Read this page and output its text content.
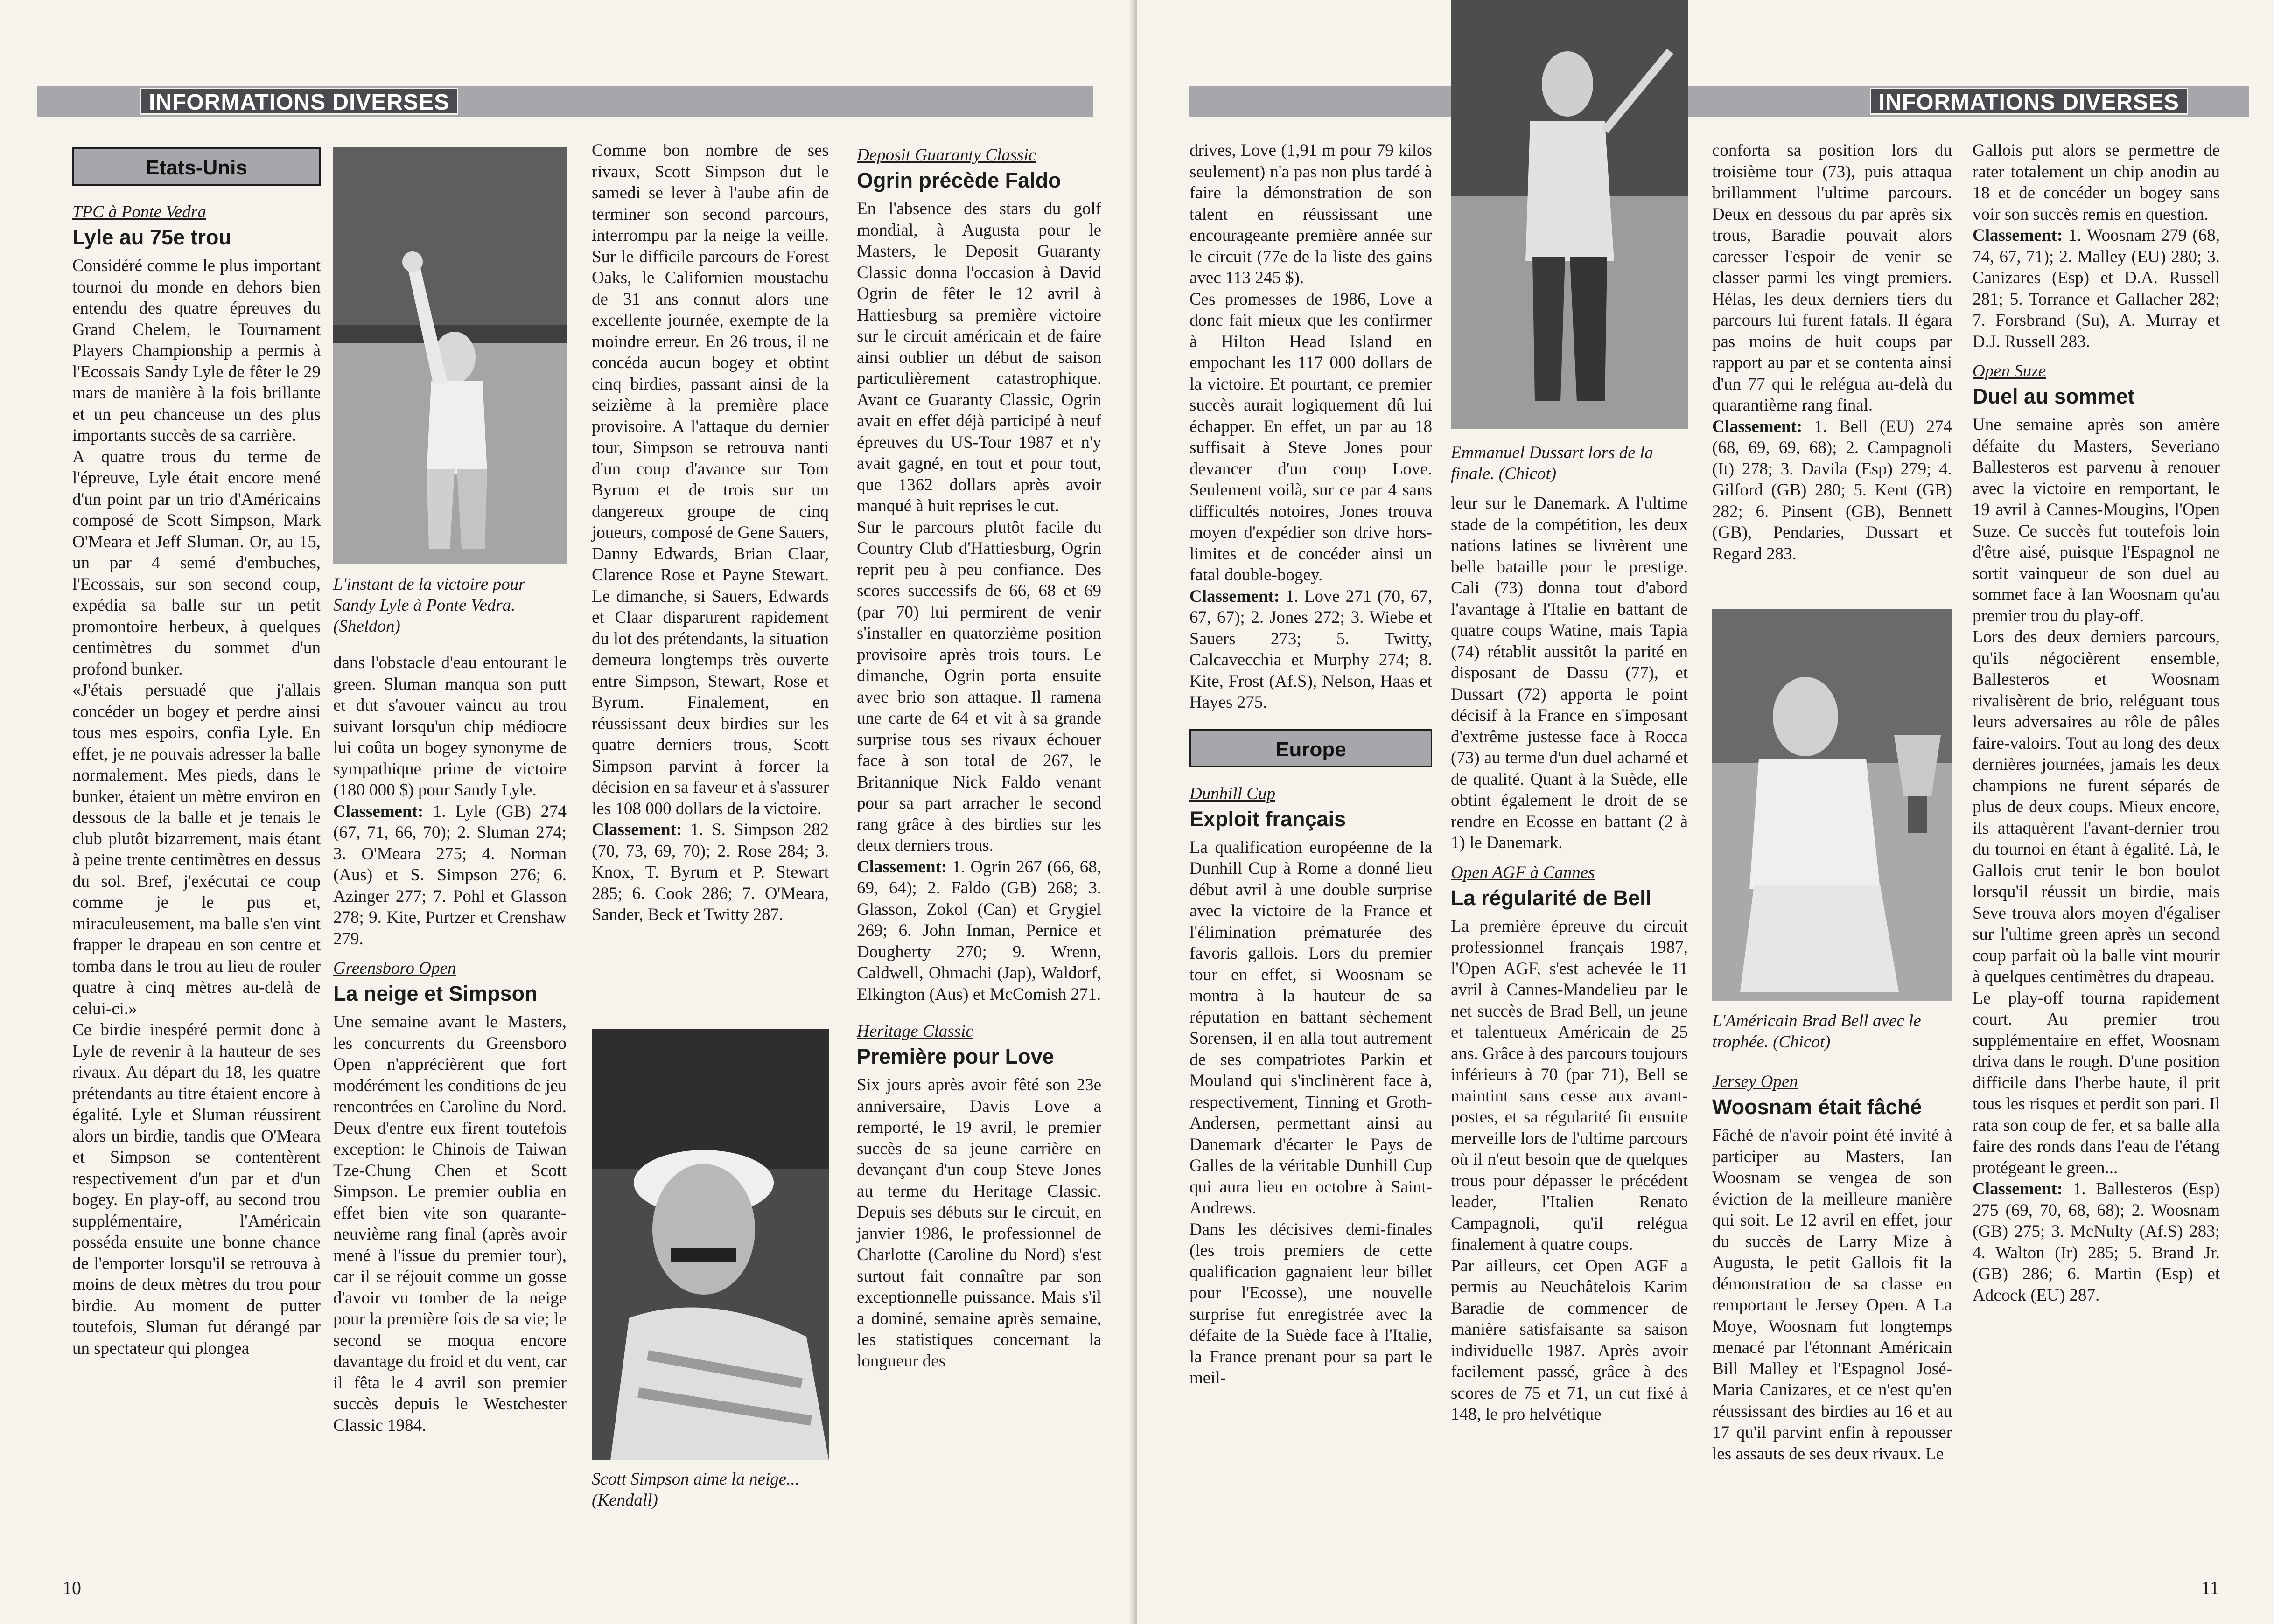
INFORMATIONS DIVERSES
Etats-Unis

TPC à Ponte Vedra

Lyle au 75e trou

Considéré comme le plus important tournoi du monde en dehors bien entendu des quatre épreuves du Grand Chelem, le Tournament Players Championship a permis à l'Ecossais Sandy Lyle de fêter le 29 mars de manière à la fois brillante et un peu chanceuse un des plus importants succès de sa carrière.

A quatre trous du terme de l'épreuve, Lyle était encore mené d'un point par un trio d'Américains composé de Scott Simpson, Mark O'Meara et Jeff Sluman. Or, au 15, un par 4 semé d'embuches, l'Ecossais, sur son second coup, expédia sa balle sur un petit promontoire herbeux, à quelques centimètres du sommet d'un profond bunker.

«J'étais persuadé que j'allais concéder un bogey et perdre ainsi tous mes espoirs, confia Lyle. En effet, je ne pouvais adresser la balle normalement. Mes pieds, dans le bunker, étaient un mètre environ en dessous de la balle et je tenais le club plutôt bizarrement, mais étant à peine trente centimètres en dessus du sol. Bref, j'exécutai ce coup comme je le pus et, miraculeusement, ma balle s'en vint frapper le drapeau en son centre et tomba dans le trou au lieu de rouler quatre à cinq mètres au-delà de celui-ci.»

Ce birdie inespéré permit donc à Lyle de revenir à la hauteur de ses rivaux. Au départ du 18, les quatre prétendants au titre étaient encore à égalité. Lyle et Sluman réussirent alors un birdie, tandis que O'Meara et Simpson se contentèrent respectivement d'un par et d'un bogey. En play-off, au second trou supplémentaire, l'Américain posséda ensuite une bonne chance de l'emporter lorsqu'il se retrouva à moins de deux mètres du trou pour birdie. Au moment de putter toutefois, Sluman fut dérangé par un spectateur qui plongea

L'instant de la victoire pour Sandy Lyle à Ponte Vedra. (Sheldon)

dans l'obstacle d'eau entourant le green. Sluman manqua son putt et dut s'avouer vaincu au trou suivant lorsqu'un chip médiocre lui coûta un bogey synonyme de sympathique prime de victoire (180 000 $) pour Sandy Lyle.

Classement: 1. Lyle (GB) 274 (67, 71, 66, 70); 2. Sluman 274; 3. O'Meara 275; 4. Norman (Aus) et S. Simpson 276; 6. Azinger 277; 7. Pohl et Glasson 278; 9. Kite, Purtzer et Crenshaw 279.

Greensboro Open

La neige et Simpson

Une semaine avant le Masters, les concurrents du Greensboro Open n'apprécièrent que fort modérément les conditions de jeu rencontrées en Caroline du Nord. Deux d'entre eux firent toutefois exception: le Chinois de Taiwan Tze-Chung Chen et Scott Simpson. Le premier oublia en effet bien vite son quarante-neuvième rang final (après avoir mené à l'issue du premier tour), car il se réjouit comme un gosse d'avoir vu tomber de la neige pour la première fois de sa vie; le second se moqua encore davantage du froid et du vent, car il fêta le 4 avril son premier succès depuis le Westchester Classic 1984.

Comme bon nombre de ses rivaux, Scott Simpson dut le samedi se lever à l'aube afin de terminer son second parcours, interrompu par la neige la veille. Sur le difficile parcours de Forest Oaks, le Californien moustachu de 31 ans connut alors une excellente journée, exempte de la moindre erreur. En 26 trous, il ne concéda aucun bogey et obtint cinq birdies, passant ainsi de la seizième à la première place provisoire. A l'attaque du dernier tour, Simpson se retrouva nanti d'un coup d'avance sur Tom Byrum et de trois sur un dangereux groupe de cinq joueurs, composé de Gene Sauers, Danny Edwards, Brian Claar, Clarence Rose et Payne Stewart. Le dimanche, si Sauers, Edwards et Claar disparurent rapidement du lot des prétendants, la situation demeura longtemps très ouverte entre Simpson, Stewart, Rose et Byrum. Finalement, en réussissant deux birdies sur les quatre derniers trous, Scott Simpson parvint à forcer la décision en sa faveur et à s'assurer les 108 000 dollars de la victoire.

Classement: 1. S. Simpson 282 (70, 73, 69, 70); 2. Rose 284; 3. Knox, T. Byrum et P. Stewart 285; 6. Cook 286; 7. O'Meara, Sander, Beck et Twitty 287.

Scott Simpson aime la neige... (Kendall)

Deposit Guaranty Classic

Ogrin précède Faldo

En l'absence des stars du golf mondial, à Augusta pour le Masters, le Deposit Guaranty Classic donna l'occasion à David Ogrin de fêter le 12 avril à Hattiesburg sa première victoire sur le circuit américain et de faire ainsi oublier un début de saison particulièrement catastrophique. Avant ce Guaranty Classic, Ogrin avait en effet déjà participé à neuf épreuves du US-Tour 1987 et n'y avait gagné, en tout et pour tout, que 1362 dollars après avoir manqué à huit reprises le cut.

Sur le parcours plutôt facile du Country Club d'Hattiesburg, Ogrin reprit peu à peu confiance. Des scores successifs de 66, 68 et 69 (par 70) lui permirent de venir s'installer en quatorzième position provisoire après trois tours. Le dimanche, Ogrin porta ensuite avec brio son attaque. Il ramena une carte de 64 et vit à sa grande surprise tous ses rivaux échouer face à son total de 267, le Britannique Nick Faldo venant pour sa part arracher le second rang grâce à des birdies sur les deux derniers trous.

Classement: 1. Ogrin 267 (66, 68, 69, 64); 2. Faldo (GB) 268; 3. Glasson, Zokol (Can) et Grygiel 269; 6. John Inman, Pernice et Dougherty 270; 9. Wrenn, Caldwell, Ohmachi (Jap), Waldorf, Elkington (Aus) et McComish 271.

Heritage Classic

Première pour Love

Six jours après avoir fêté son 23e anniversaire, Davis Love a remporté, le 19 avril, le premier succès de sa jeune carrière en devançant d'un coup Steve Jones au terme du Heritage Classic. Depuis ses débuts sur le circuit, en janvier 1986, le professionnel de Charlotte (Caroline du Nord) s'est surtout fait connaître par son exceptionnelle puissance. Mais s'il a dominé, semaine après semaine, les statistiques concernant la longueur des

10
INFORMATIONS DIVERSES

drives, Love (1,91 m pour 79 kilos seulement) n'a pas non plus tardé à faire la démonstration de son talent en réussissant une encourageante première année sur le circuit (77e de la liste des gains avec 113 245 $).

Ces promesses de 1986, Love a donc fait mieux que les confirmer à Hilton Head Island en empochant les 117 000 dollars de la victoire. Et pourtant, ce premier succès aurait logiquement dû lui échapper. En effet, un par au 18 suffisait à Steve Jones pour devancer d'un coup Love. Seulement voilà, sur ce par 4 sans difficultés notoires, Jones trouva moyen d'expédier son drive hors-limites et de concéder ainsi un fatal double-bogey.

Classement: 1. Love 271 (70, 67, 67, 67); 2. Jones 272; 3. Wiebe et Sauers 273; 5. Twitty, Calcavecchia et Murphy 274; 8. Kite, Frost (Af.S), Nelson, Haas et Hayes 275.

Europe

Dunhill Cup

Exploit français

La qualification européenne de la Dunhill Cup à Rome a donné lieu début avril à une double surprise avec la victoire de la France et l'élimination prématurée des favoris gallois. Lors du premier tour en effet, si Woosnam se montra à la hauteur de sa réputation en battant sèchement Sorensen, il en alla tout autrement de ses compatriotes Parkin et Mouland qui s'inclinèrent face à, respectivement, Tinning et Groth-Andersen, permettant ainsi au Danemark d'écarter le Pays de Galles de la véritable Dunhill Cup qui aura lieu en octobre à Saint-Andrews.

Dans les décisives demi-finales (les trois premiers de cette qualification gagnaient leur billet pour l'Ecosse), une nouvelle surprise fut enregistrée avec la défaite de la Suède face à l'Italie, la France prenant pour sa part le meil-

Emmanuel Dussart lors de la finale. (Chicot)

leur sur le Danemark. A l'ultime stade de la compétition, les deux nations latines se livrèrent une belle bataille pour le prestige. Cali (73) donna tout d'abord l'avantage à l'Italie en battant de quatre coups Watine, mais Tapia (74) rétablit aussitôt la parité en disposant de Dassu (77), et Dussart (72) apporta le point décisif à la France en s'imposant d'extrême justesse face à Rocca (73) au terme d'un duel acharné et de qualité. Quant à la Suède, elle obtint également le droit de se rendre en Ecosse en battant (2 à 1) le Danemark.

Open AGF à Cannes

La régularité de Bell

La première épreuve du circuit professionnel français 1987, l'Open AGF, s'est achevée le 11 avril à Cannes-Mandelieu par le net succès de Brad Bell, un jeune et talentueux Américain de 25 ans. Grâce à des parcours toujours inférieurs à 70 (par 71), Bell se maintint sans cesse aux avant-postes, et sa régularité fit ensuite merveille lors de l'ultime parcours où il n'eut besoin que de quelques trous pour dépasser le précédent leader, l'Italien Renato Campagnoli, qu'il relégua finalement à quatre coups.

Par ailleurs, cet Open AGF a permis au Neuchâtelois Karim Baradie de commencer de manière satisfaisante sa saison individuelle 1987. Après avoir facilement passé, grâce à des scores de 75 et 71, un cut fixé à 148, le pro helvétique

conforta sa position lors du troisième tour (73), puis attaqua brillamment l'ultime parcours. Deux en dessous du par après six trous, Baradie pouvait alors caresser l'espoir de venir se classer parmi les vingt premiers. Hélas, les deux derniers tiers du parcours lui furent fatals. Il égara pas moins de huit coups par rapport au par et se contenta ainsi d'un 77 qui le relégua au-delà du quarantième rang final.

Classement: 1. Bell (EU) 274 (68, 69, 69, 68); 2. Campagnoli (It) 278; 3. Davila (Esp) 279; 4. Gilford (GB) 280; 5. Kent (GB) 282; 6. Pinsent (GB), Bennett (GB), Pendaries, Dussart et Regard 283.

L'Américain Brad Bell avec le trophée. (Chicot)

Jersey Open

Woosnam était fâché

Fâché de n'avoir point été invité à participer au Masters, Ian Woosnam se vengea de son éviction de la meilleure manière qui soit. Le 12 avril en effet, jour du succès de Larry Mize à Augusta, le petit Gallois fit la démonstration de sa classe en remportant le Jersey Open. A La Moye, Woosnam fut longtemps menacé par l'étonnant Américain Bill Malley et l'Espagnol José-Maria Canizares, et ce n'est qu'en réussissant des birdies au 16 et au 17 qu'il parvint enfin à repousser les assauts de ses deux rivaux. Le

Gallois put alors se permettre de rater totalement un chip anodin au 18 et de concéder un bogey sans voir son succès remis en question.

Classement: 1. Woosnam 279 (68, 74, 67, 71); 2. Malley (EU) 280; 3. Canizares (Esp) et D.A. Russell 281; 5. Torrance et Gallacher 282; 7. Forsbrand (Su), A. Murray et D.J. Russell 283.

Open Suze

Duel au sommet

Une semaine après son amère défaite du Masters, Severiano Ballesteros est parvenu à renouer avec la victoire en remportant, le 19 avril à Cannes-Mougins, l'Open Suze. Ce succès fut toutefois loin d'être aisé, puisque l'Espagnol ne sortit vainqueur de son duel au sommet face à Ian Woosnam qu'au premier trou du play-off.

Lors des deux derniers parcours, qu'ils négocièrent ensemble, Ballesteros et Woosnam rivalisèrent de brio, reléguant tous leurs adversaires au rôle de pâles faire-valoirs. Tout au long des deux dernières journées, jamais les deux champions ne furent séparés de plus de deux coups. Mieux encore, ils attaquèrent l'avant-dernier trou du tournoi en étant à égalité. Là, le Gallois crut tenir le bon boulot lorsqu'il réussit un birdie, mais Seve trouva alors moyen d'égaliser sur l'ultime green après un second coup parfait où la balle vint mourir à quelques centimètres du drapeau.

Le play-off tourna rapidement court. Au premier trou supplémentaire en effet, Woosnam driva dans le rough. D'une position difficile dans l'herbe haute, il prit tous les risques et perdit son pari. Il rata son coup de fer, et sa balle alla faire des ronds dans l'eau de l'étang protégeant le green...

Classement: 1. Ballesteros (Esp) 275 (69, 70, 68, 68); 2. Woosnam (GB) 275; 3. McNulty (Af.S) 283; 4. Walton (Ir) 285; 5. Brand Jr. (GB) 286; 6. Martin (Esp) et Adcock (EU) 287.

11
